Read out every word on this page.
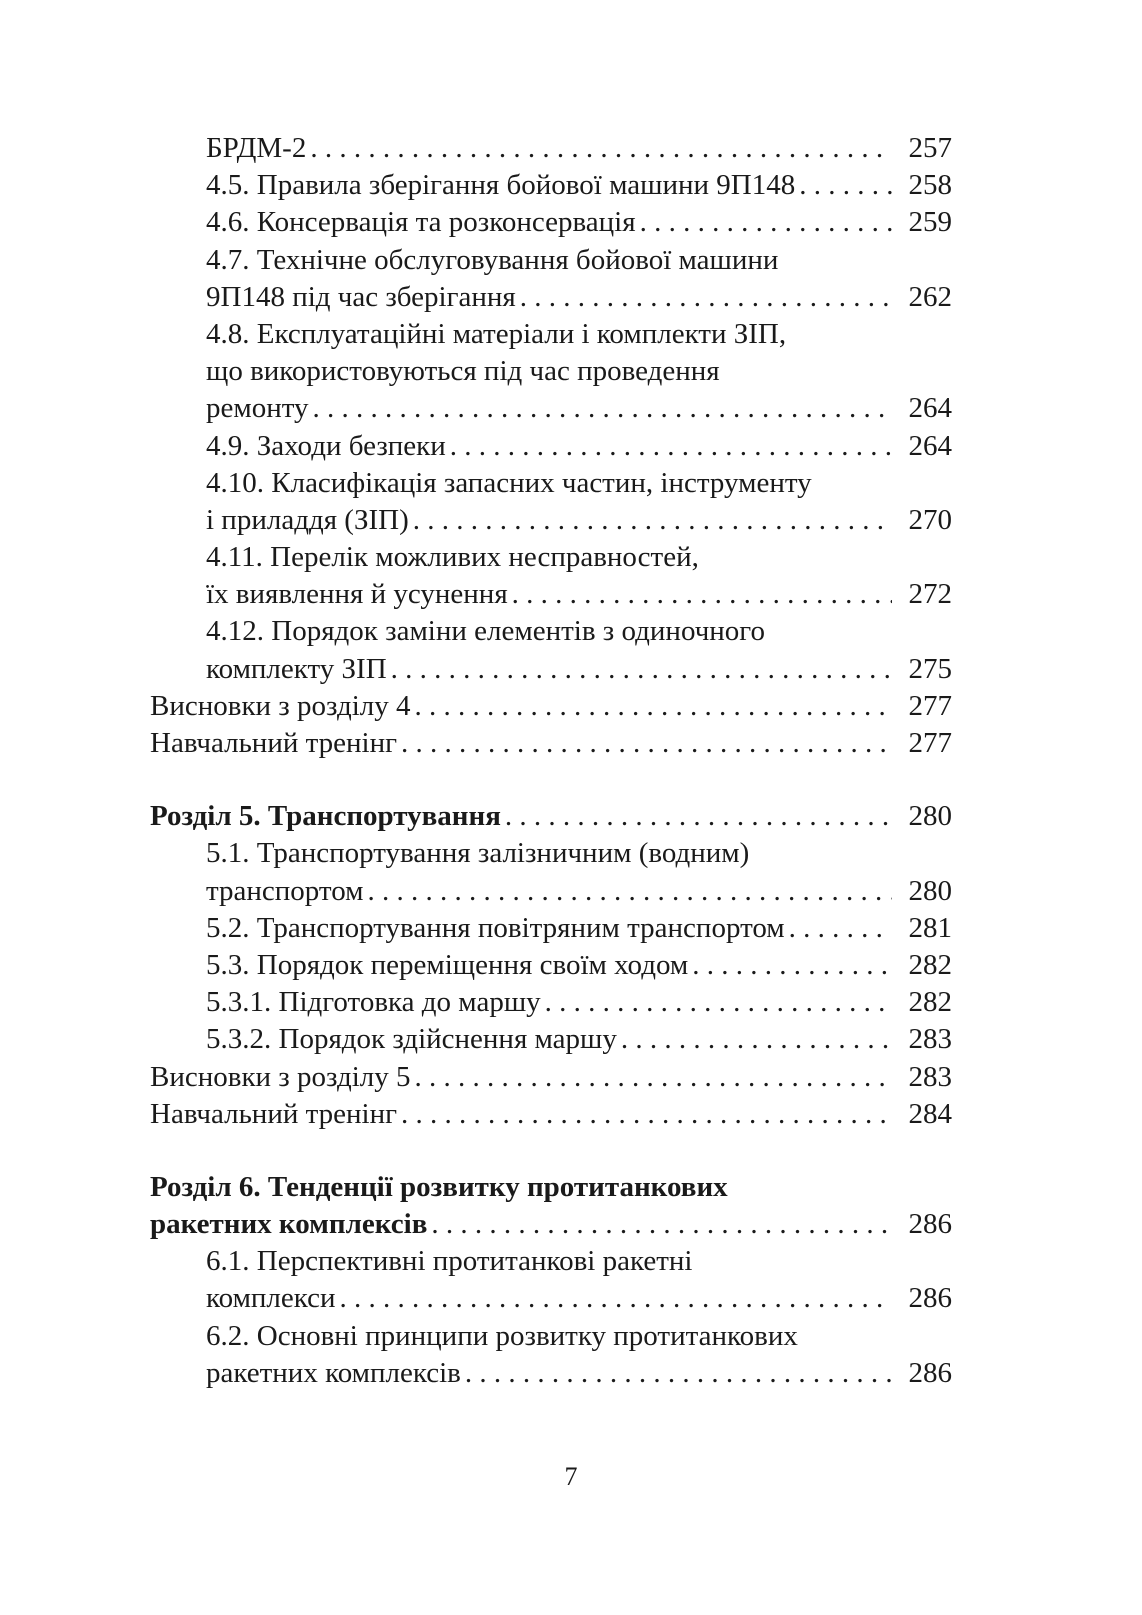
БРДМ-2 . . .	257
4.5. Правила зберігання бойової машини 9П148 . . .	258
4.6. Консервація та розконсервація . . .	259
4.7. Технічне обслуговування бойової машини
9П148 під час зберігання . . .	262
4.8. Експлуатаційні матеріали і комплекти ЗІП,
що використовуються під час проведення
ремонту . . .	264
4.9. Заходи безпеки . . .	264
4.10. Класифікація запасних частин, інструменту
і приладдя (ЗІП) . . .	270
4.11. Перелік можливих несправностей,
їх виявлення й усунення . . .	272
4.12. Порядок заміни елементів з одиночного
комплекту ЗІП . . .	275
Висновки з розділу 4 . . .	277
Навчальний тренінг . . .	277
Розділ 5. Транспортування . . .	280
5.1. Транспортування залізничним (водним)
транспортом . . .	280
5.2. Транспортування повітряним транспортом . . .	281
5.3. Порядок переміщення своїм ходом . . .	282
5.3.1. Підготовка до маршу . . .	282
5.3.2. Порядок здійснення маршу . . .	283
Висновки з розділу 5 . . .	283
Навчальний тренінг . . .	284
Розділ 6. Тенденції розвитку протитанкових
ракетних комплексів . . .	286
6.1. Перспективні протитанкові ракетні
комплекси . . .	286
6.2. Основні принципи розвитку протитанкових
ракетних комплексів . . .	286
7
